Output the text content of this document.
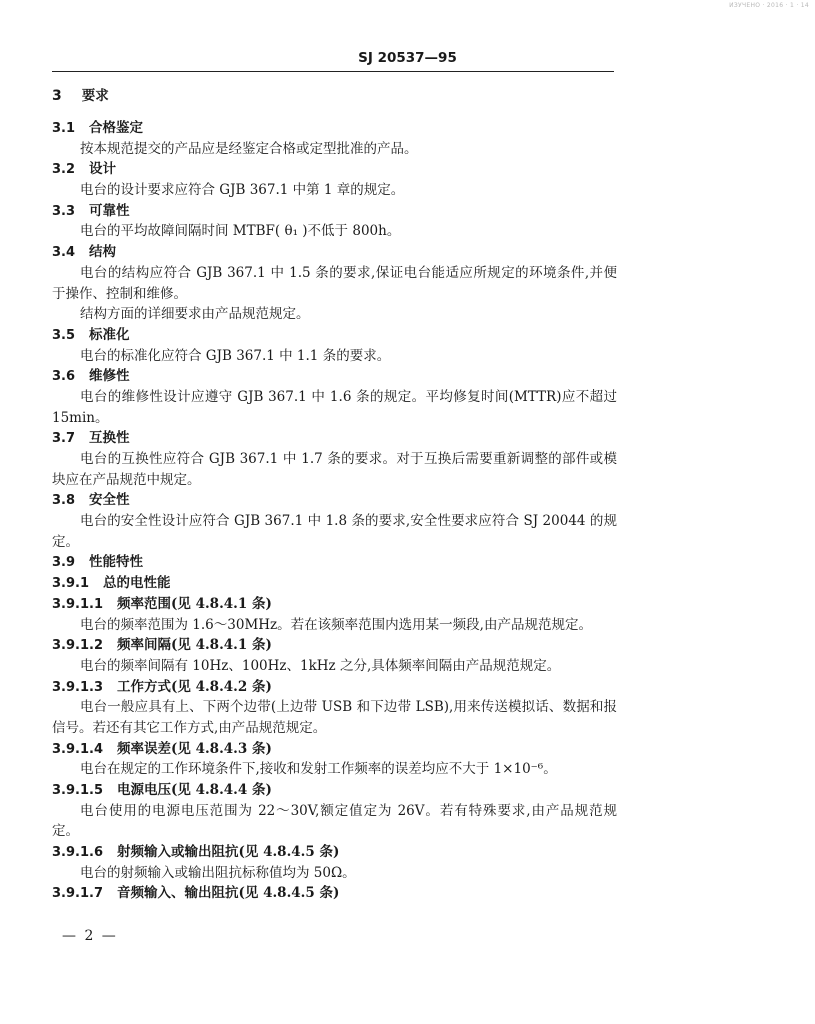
ИЗУЧЕНО · 2016 · 1 · 14
SJ 20537—95
3 要求
3.1 合格鉴定
按本规范提交的产品应是经鉴定合格或定型批准的产品。
3.2 设计
电台的设计要求应符合 GJB 367.1 中第 1 章的规定。
3.3 可靠性
电台的平均故障间隔时间 MTBF( θ₁ )不低于 800h。
3.4 结构
电台的结构应符合 GJB 367.1 中 1.5 条的要求,保证电台能适应所规定的环境条件,并便
于操作、控制和维修。
结构方面的详细要求由产品规范规定。
3.5 标准化
电台的标准化应符合 GJB 367.1 中 1.1 条的要求。
3.6 维修性
电台的维修性设计应遵守 GJB 367.1 中 1.6 条的规定。平均修复时间(MTTR)应不超过
15min。
3.7 互换性
电台的互换性应符合 GJB 367.1 中 1.7 条的要求。对于互换后需要重新调整的部件或模
块应在产品规范中规定。
3.8 安全性
电台的安全性设计应符合 GJB 367.1 中 1.8 条的要求,安全性要求应符合 SJ 20044 的规
定。
3.9 性能特性
3.9.1 总的电性能
3.9.1.1 频率范围(见 4.8.4.1 条)
电台的频率范围为 1.6～30MHz。若在该频率范围内选用某一频段,由产品规范规定。
3.9.1.2 频率间隔(见 4.8.4.1 条)
电台的频率间隔有 10Hz、100Hz、1kHz 之分,具体频率间隔由产品规范规定。
3.9.1.3 工作方式(见 4.8.4.2 条)
电台一般应具有上、下两个边带(上边带 USB 和下边带 LSB),用来传送模拟话、数据和报
信号。若还有其它工作方式,由产品规范规定。
3.9.1.4 频率误差(见 4.8.4.3 条)
电台在规定的工作环境条件下,接收和发射工作频率的误差均应不大于 1×10⁻⁶。
3.9.1.5 电源电压(见 4.8.4.4 条)
电台使用的电源电压范围为 22～30V,额定值定为 26V。若有特殊要求,由产品规范规
定。
3.9.1.6 射频输入或输出阻抗(见 4.8.4.5 条)
电台的射频输入或输出阻抗标称值均为 50Ω。
3.9.1.7 音频输入、输出阻抗(见 4.8.4.5 条)
— 2 —
